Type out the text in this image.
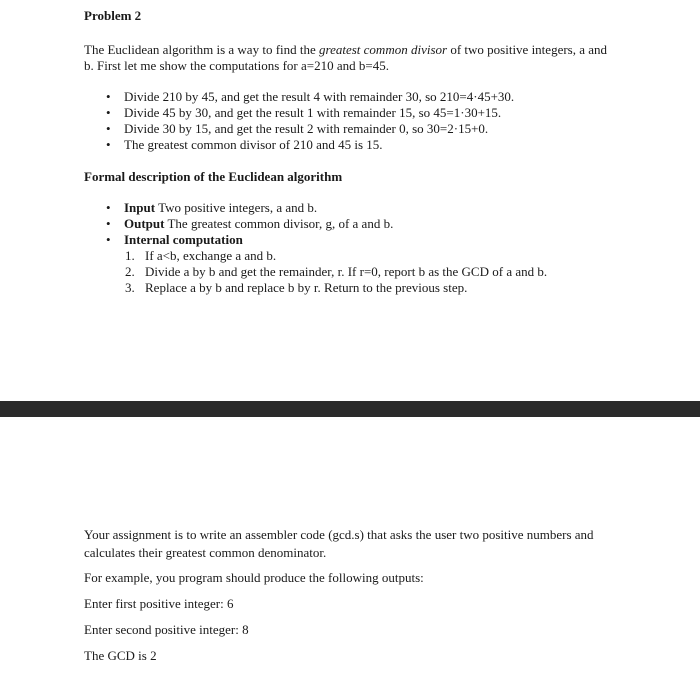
Problem 2
The Euclidean algorithm is a way to find the greatest common divisor of two positive integers, a and b. First let me show the computations for a=210 and b=45.
• Divide 210 by 45, and get the result 4 with remainder 30, so 210=4·45+30.
• Divide 45 by 30, and get the result 1 with remainder 15, so 45=1·30+15.
• Divide 30 by 15, and get the result 2 with remainder 0, so 30=2·15+0.
• The greatest common divisor of 210 and 45 is 15.
Formal description of the Euclidean algorithm
• Input Two positive integers, a and b.
• Output The greatest common divisor, g, of a and b.
• Internal computation
1. If a<b, exchange a and b.
2. Divide a by b and get the remainder, r. If r=0, report b as the GCD of a and b.
3. Replace a by b and replace b by r. Return to the previous step.
Your assignment is to write an assembler code (gcd.s) that asks the user two positive numbers and calculates their greatest common denominator.
For example, you program should produce the following outputs:
Enter first positive integer: 6
Enter second positive integer: 8
The GCD is 2
